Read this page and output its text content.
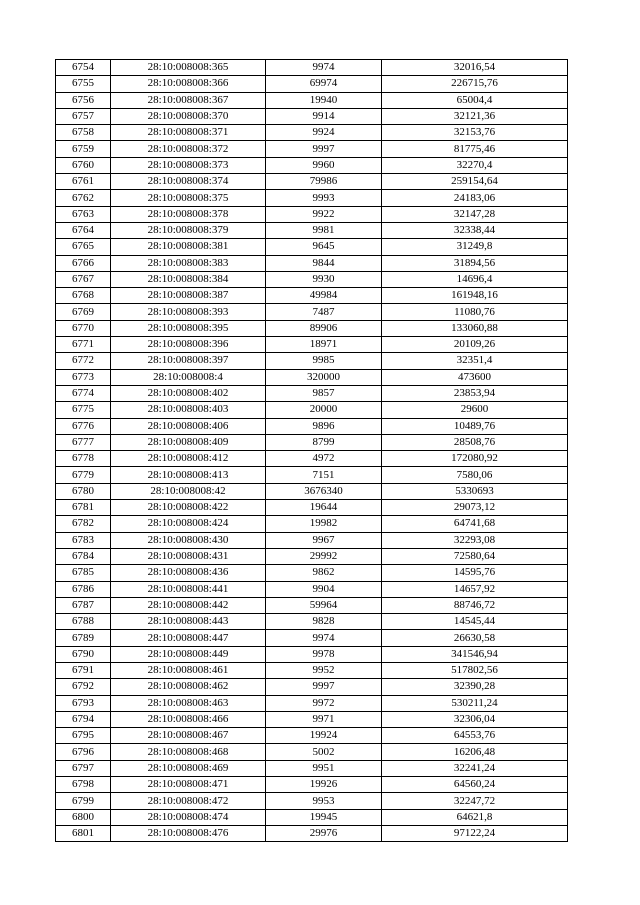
6754	28:10:008008:365	9974	32016,54
6755	28:10:008008:366	69974	226715,76
6756	28:10:008008:367	19940	65004,4
6757	28:10:008008:370	9914	32121,36
6758	28:10:008008:371	9924	32153,76
6759	28:10:008008:372	9997	81775,46
6760	28:10:008008:373	9960	32270,4
6761	28:10:008008:374	79986	259154,64
6762	28:10:008008:375	9993	24183,06
6763	28:10:008008:378	9922	32147,28
6764	28:10:008008:379	9981	32338,44
6765	28:10:008008:381	9645	31249,8
6766	28:10:008008:383	9844	31894,56
6767	28:10:008008:384	9930	14696,4
6768	28:10:008008:387	49984	161948,16
6769	28:10:008008:393	7487	11080,76
6770	28:10:008008:395	89906	133060,88
6771	28:10:008008:396	18971	20109,26
6772	28:10:008008:397	9985	32351,4
6773	28:10:008008:4	320000	473600
6774	28:10:008008:402	9857	23853,94
6775	28:10:008008:403	20000	29600
6776	28:10:008008:406	9896	10489,76
6777	28:10:008008:409	8799	28508,76
6778	28:10:008008:412	4972	172080,92
6779	28:10:008008:413	7151	7580,06
6780	28:10:008008:42	3676340	5330693
6781	28:10:008008:422	19644	29073,12
6782	28:10:008008:424	19982	64741,68
6783	28:10:008008:430	9967	32293,08
6784	28:10:008008:431	29992	72580,64
6785	28:10:008008:436	9862	14595,76
6786	28:10:008008:441	9904	14657,92
6787	28:10:008008:442	59964	88746,72
6788	28:10:008008:443	9828	14545,44
6789	28:10:008008:447	9974	26630,58
6790	28:10:008008:449	9978	341546,94
6791	28:10:008008:461	9952	517802,56
6792	28:10:008008:462	9997	32390,28
6793	28:10:008008:463	9972	530211,24
6794	28:10:008008:466	9971	32306,04
6795	28:10:008008:467	19924	64553,76
6796	28:10:008008:468	5002	16206,48
6797	28:10:008008:469	9951	32241,24
6798	28:10:008008:471	19926	64560,24
6799	28:10:008008:472	9953	32247,72
6800	28:10:008008:474	19945	64621,8
6801	28:10:008008:476	29976	97122,24
